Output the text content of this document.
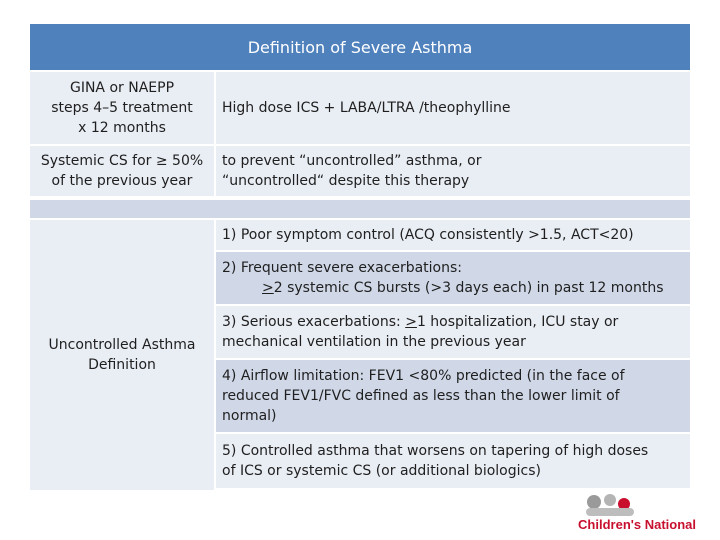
Definition of Severe Asthma
GINA or NAEPP
steps 4–5 treatment
x 12 months
High dose ICS + LABA/LTRA /theophylline
Systemic CS for ≥ 50%
of the previous year
to prevent “uncontrolled” asthma, or
“uncontrolled“ despite this therapy
Uncontrolled Asthma
Definition
1) Poor symptom control (ACQ consistently >1.5, ACT<20)
2) Frequent severe exacerbations:
>2 systemic CS bursts (>3 days each) in past 12 months
3) Serious exacerbations: >1 hospitalization, ICU stay or
mechanical ventilation in the previous year
4) Airflow limitation: FEV1 <80% predicted (in the face of
reduced FEV1/FVC defined as less than the lower limit of
normal)
5) Controlled asthma that worsens on tapering of high doses
of ICS or systemic CS (or additional biologics)
Children's National
